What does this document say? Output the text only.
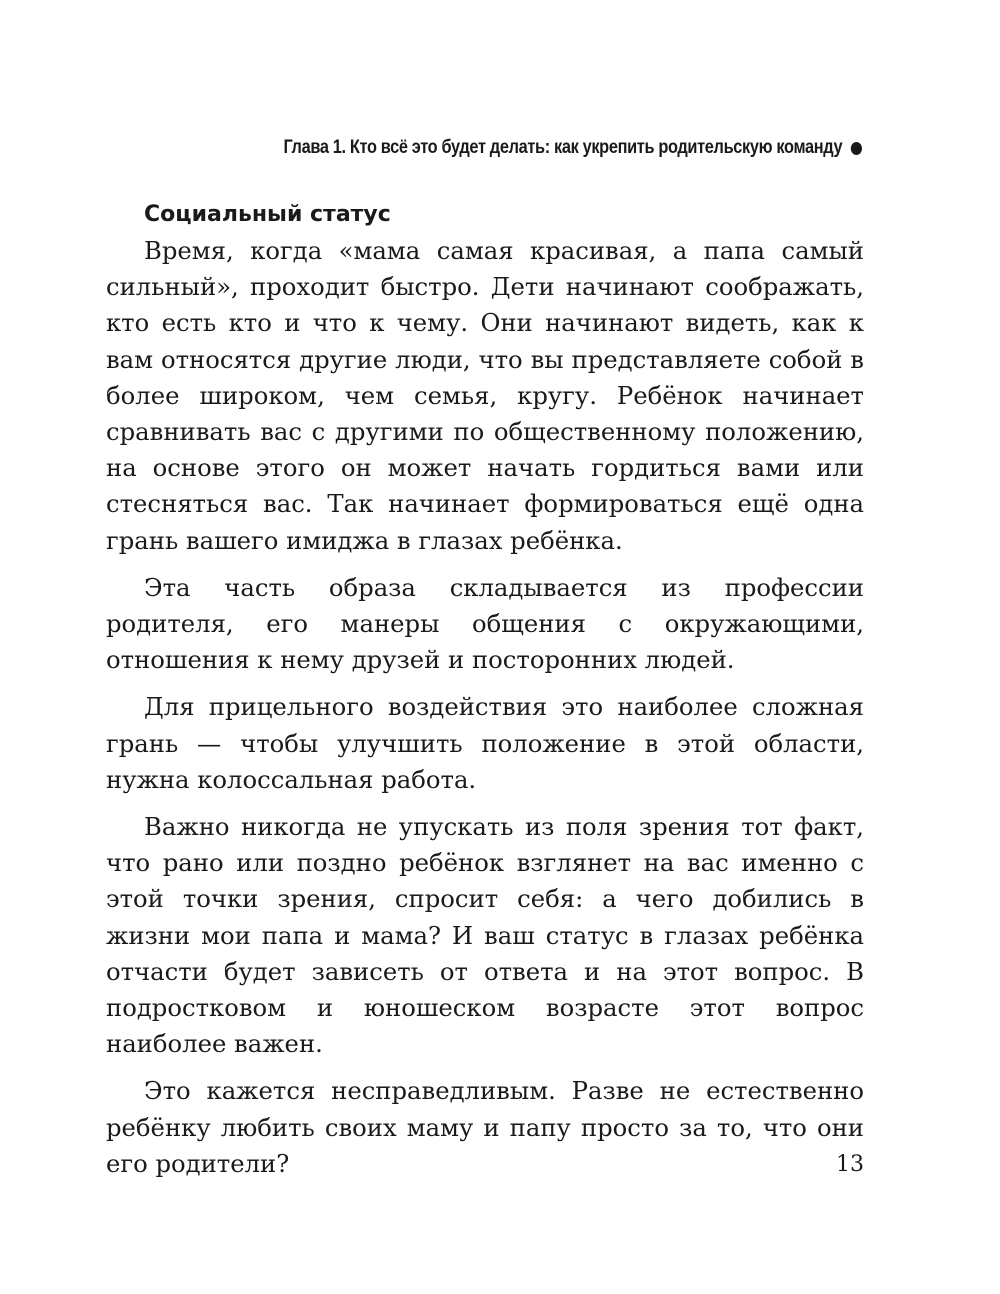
Глава 1. Кто всё это будет делать: как укрепить родительскую команду
Социальный статус

Время, когда «мама самая красивая, а папа самый сильный», проходит быстро. Дети начинают соображать, кто есть кто и что к чему. Они начинают видеть, как к вам относятся другие люди, что вы представляете собой в более широком, чем семья, кругу. Ребёнок начинает сравнивать вас с другими по общественному положению, на основе этого он может начать гордиться вами или стесняться вас. Так начинает формироваться ещё одна грань вашего имиджа в глазах ребёнка.

Эта часть образа складывается из профессии родителя, его манеры общения с окружающими, отношения к нему друзей и посторонних людей.

Для прицельного воздействия это наиболее сложная грань — чтобы улучшить положение в этой области, нужна колоссальная работа.

Важно никогда не упускать из поля зрения тот факт, что рано или поздно ребёнок взглянет на вас именно с этой точки зрения, спросит себя: а чего добились в жизни мои папа и мама? И ваш статус в глазах ребёнка отчасти будет зависеть от ответа и на этот вопрос. В подростковом и юношеском возрасте этот вопрос наиболее важен.

Это кажется несправедливым. Разве не естественно ребёнку любить своих маму и папу просто за то, что они его родители?	13
